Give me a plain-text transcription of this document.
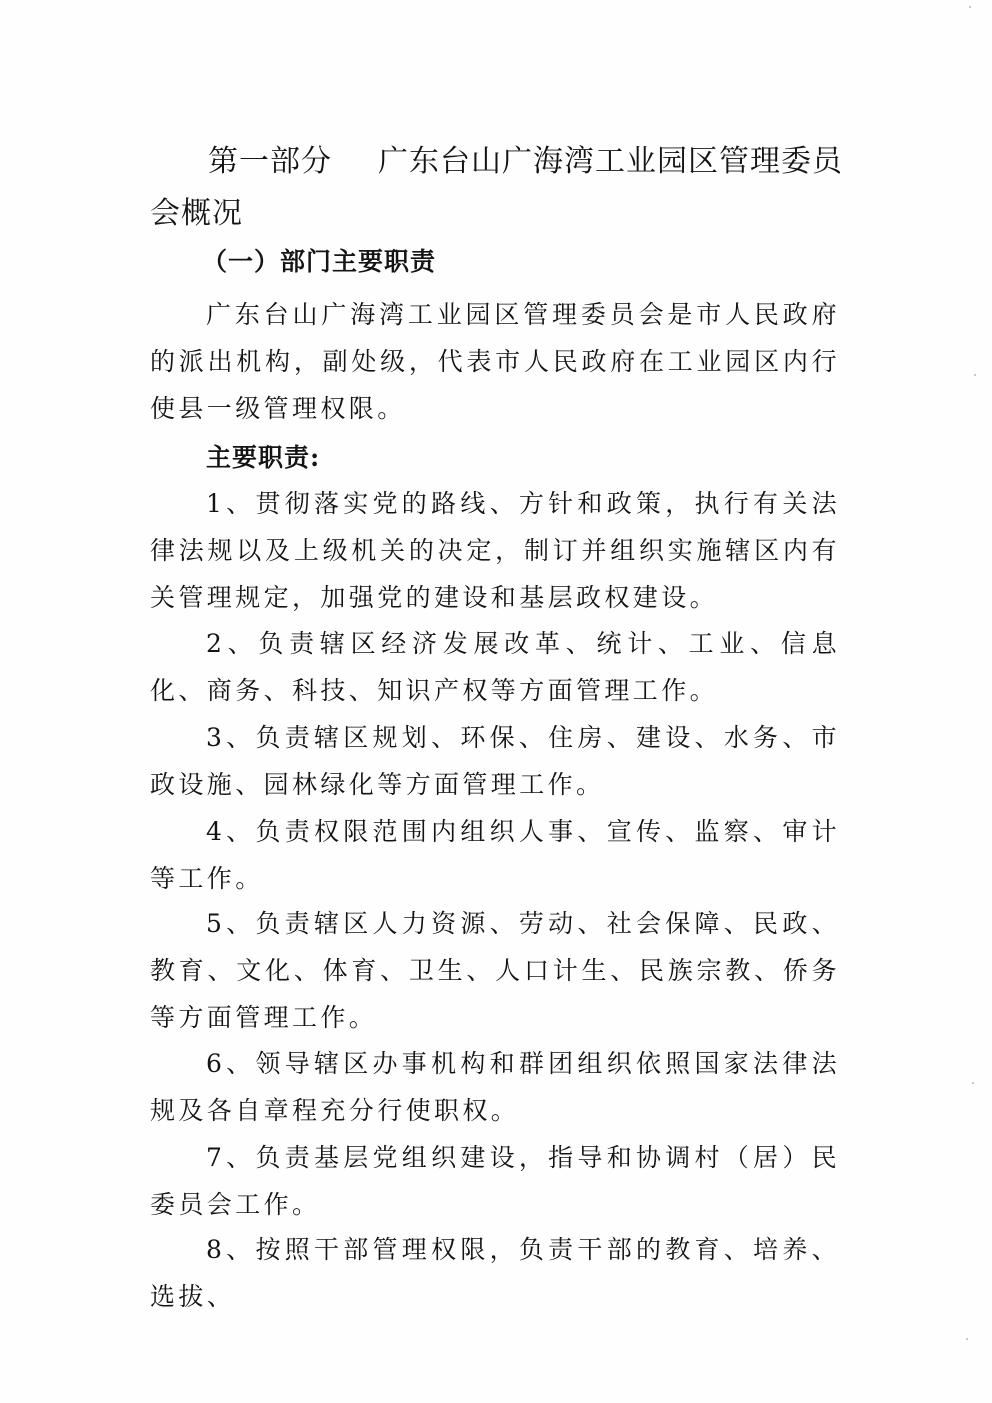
第一部分 广东台山广海湾工业园区管理委员会概况
（一）部门主要职责

广东台山广海湾工业园区管理委员会是市人民政府的派出机构，副处级，代表市人民政府在工业园区内行使县一级管理权限。

主要职责:

1、贯彻落实党的路线、方针和政策，执行有关法律法规以及上级机关的决定，制订并组织实施辖区内有关管理规定，加强党的建设和基层政权建设。

2、负责辖区经济发展改革、统计、工业、信息化、商务、科技、知识产权等方面管理工作。

3、负责辖区规划、环保、住房、建设、水务、市政设施、园林绿化等方面管理工作。

4、负责权限范围内组织人事、宣传、监察、审计等工作。

5、负责辖区人力资源、劳动、社会保障、民政、教育、文化、体育、卫生、人口计生、民族宗教、侨务等方面管理工作。

6、领导辖区办事机构和群团组织依照国家法律法规及各自章程充分行使职权。

7、负责基层党组织建设，指导和协调村（居）民委员会工作。

8、按照干部管理权限，负责干部的教育、培养、选拔、
